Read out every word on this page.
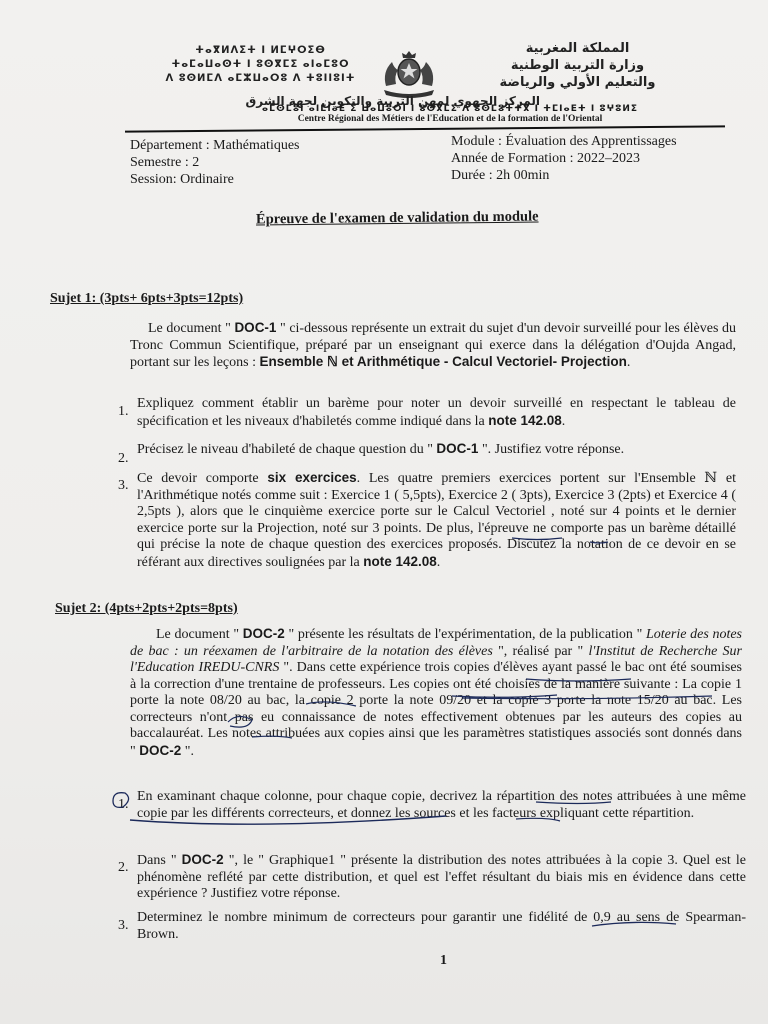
ⵜⴰⴳⵍⴷⵉⵜ ⵏ ⵍⵎⵖⵔⵉⴱ
ⵜⴰⵎⴰⵡⴰⵙⵜ ⵏ ⵓⵙⴳⵎⵉ ⴰⵏⴰⵎⵓⵔ
ⴷ ⵓⵙⵍⵎⴷ ⴰⵎⵣⵡⴰⵔⵓ ⴷ ⵜⵓⵏⵏⵓⵏⵜ
المملكة المغربية
وزارة التربية الوطنية
والتعليم الأولي والرياضة
المركز الجهوي لمهن التربية والتكوين لجهة الشرق
ⴰⵎⵙⵎⵓⵏ ⴰⵏⵎⵏⴰⴹ ⵉ ⵡⴰⵡⵓⵔⵏ ⵏ ⵓⵙⴳⵎⵉ ⴷ ⵓⵙⵎⵓⵜⵜⴳ ⵏ ⵜⵎⵏⴰⴹⵜ ⵏ ⵓⵖⵓⵍⵉ
Centre Régional des Métiers de l'Education et de la formation de l'Oriental
Département : Mathématiques
Semestre : 2
Session: Ordinaire
Module : Évaluation des Apprentissages
Année de Formation : 2022–2023
Durée : 2h 00min
Épreuve de l'examen de validation du module
Sujet 1: (3pts+ 6pts+3pts=12pts)
Le document " DOC-1 " ci-dessous représente un extrait du sujet d'un devoir surveillé pour les élèves du Tronc Commun Scientifique, préparé par un enseignant qui exerce dans la délégation d'Oujda Angad, portant sur les leçons : Ensemble ℕ et Arithmétique - Calcul Vectoriel- Projection.
1.
Expliquez comment établir un barème pour noter un devoir surveillé en respectant le tableau de spécification et les niveaux d'habiletés comme indiqué dans la note 142.08.
2.
Précisez le niveau d'habileté de chaque question du " DOC-1 ". Justifiez votre réponse.
3. Ce devoir comporte six exercices. Les quatre premiers exercices portent sur l'Ensemble ℕ et l'Arithmétique notés comme suit : Exercice 1 ( 5,5pts), Exercice 2 ( 3pts), Exercice 3 (2pts) et Exercice 4 ( 2,5pts ), alors que le cinquième exercice porte sur le Calcul Vectoriel , noté sur 4 points et le dernier exercice porte sur la Projection, noté sur 3 points. De plus, l'épreuve ne comporte pas un barème détaillé qui précise la note de chaque question des exercices proposés. Discutez la notation de ce devoir en se référant aux directives soulignées par la note 142.08.
Sujet 2: (4pts+2pts+2pts=8pts)
Le document " DOC-2 " présente les résultats de l'expérimentation, de la publication " Loterie des notes de bac : un réexamen de l'arbitraire de la notation des élèves ", réalisé par " l'Institut de Recherche Sur l'Education IREDU-CNRS ". Dans cette expérience trois copies d'élèves ayant passé le bac ont été soumises à la correction d'une trentaine de professeurs. Les copies ont été choisies de la manière suivante : La copie 1 porte la note 08/20 au bac, la copie 2 porte la note 09/20 et la copie 3 porte la note 15/20 au bac. Les correcteurs n'ont pas eu connaissance de notes effectivement obtenues par les auteurs des copies au baccalauréat. Les notes attribuées aux copies ainsi que les paramètres statistiques associés sont donnés dans " DOC-2 ".
1.
En examinant chaque colonne, pour chaque copie, decrivez la répartition des notes attribuées à une même copie par les différents correcteurs, et donnez les sources et les facteurs expliquant cette répartition.
2. Dans " DOC-2 ", le " Graphique1 " présente la distribution des notes attribuées à la copie 3. Quel est le phénomène reflété par cette distribution, et quel est l'effet résultant du biais mis en évidence dans cette expérience ? Justifiez votre réponse.
3.
Determinez le nombre minimum de correcteurs pour garantir une fidélité de 0,9 au sens de Spearman-Brown.
1
